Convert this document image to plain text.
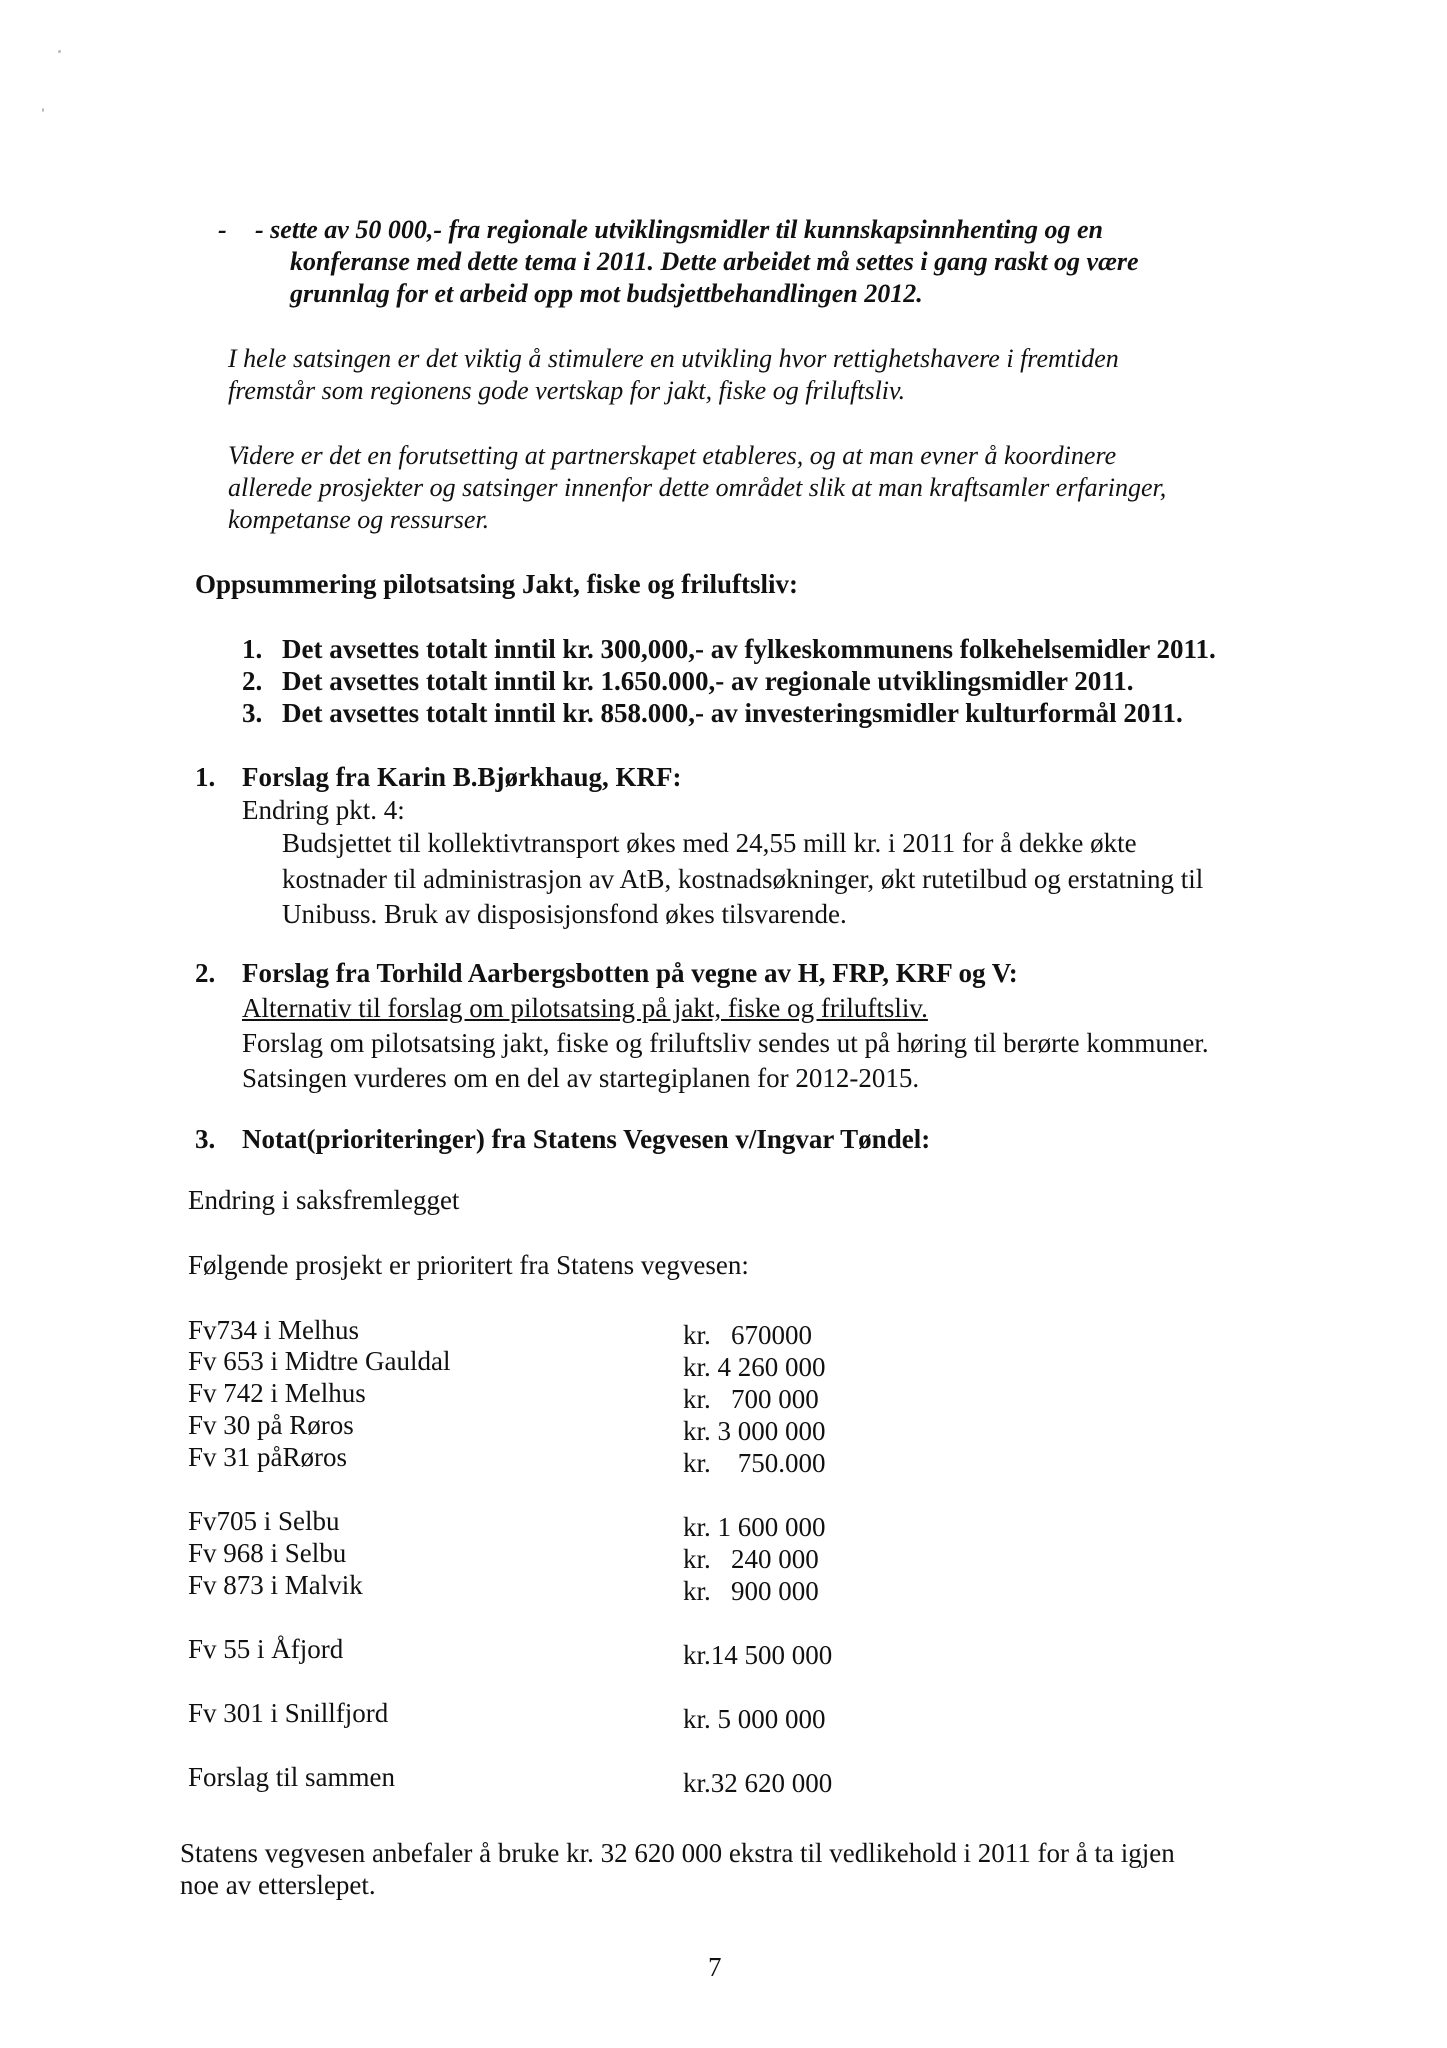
- - sette av 50 000,- fra regionale utviklingsmidler til kunnskapsinnhenting og en
konferanse med dette tema i 2011. Dette arbeidet må settes i gang raskt og være
grunnlag for et arbeid opp mot budsjettbehandlingen 2012.
I hele satsingen er det viktig å stimulere en utvikling hvor rettighetshavere i fremtiden
fremstår som regionens gode vertskap for jakt, fiske og friluftsliv.
Videre er det en forutsetting at partnerskapet etableres, og at man evner å koordinere
allerede prosjekter og satsinger innenfor dette området slik at man kraftsamler erfaringer,
kompetanse og ressurser.
Oppsummering pilotsatsing Jakt, fiske og friluftsliv:
1. Det avsettes totalt inntil kr. 300,000,- av fylkeskommunens folkehelsemidler 2011.
2. Det avsettes totalt inntil kr. 1.650.000,- av regionale utviklingsmidler 2011.
3. Det avsettes totalt inntil kr. 858.000,- av investeringsmidler kulturformål 2011.
1. Forslag fra Karin B.Bjørkhaug, KRF:
Endring pkt. 4:
Budsjettet til kollektivtransport økes med 24,55 mill kr. i 2011 for å dekke økte
kostnader til administrasjon av AtB, kostnadsøkninger, økt rutetilbud og erstatning til
Unibuss. Bruk av disposisjonsfond økes tilsvarende.
2. Forslag fra Torhild Aarbergsbotten på vegne av H, FRP, KRF og V:
Alternativ til forslag om pilotsatsing på jakt, fiske og friluftsliv.
Forslag om pilotsatsing jakt, fiske og friluftsliv sendes ut på høring til berørte kommuner.
Satsingen vurderes om en del av startegiplanen for 2012-2015.
3. Notat(prioriteringer) fra Statens Vegvesen v/Ingvar Tøndel:
Endring i saksfremlegget
Følgende prosjekt er prioritert fra Statens vegvesen:
Fv734 i Melhus	kr.   670000
Fv 653 i Midtre Gauldal	kr. 4 260 000
Fv 742 i Melhus	kr.   700 000
Fv 30 på Røros	kr. 3 000 000
Fv 31 påRøros	kr.    750.000
Fv705 i Selbu	kr. 1 600 000
Fv 968 i Selbu	kr.   240 000
Fv 873 i Malvik	kr.   900 000
Fv 55 i Åfjord	kr.14 500 000
Fv 301 i Snillfjord	kr. 5 000 000
Forslag til sammen	kr.32 620 000
Statens vegvesen anbefaler å bruke kr. 32 620 000 ekstra til vedlikehold i 2011 for å ta igjen
noe av etterslepet.
7
